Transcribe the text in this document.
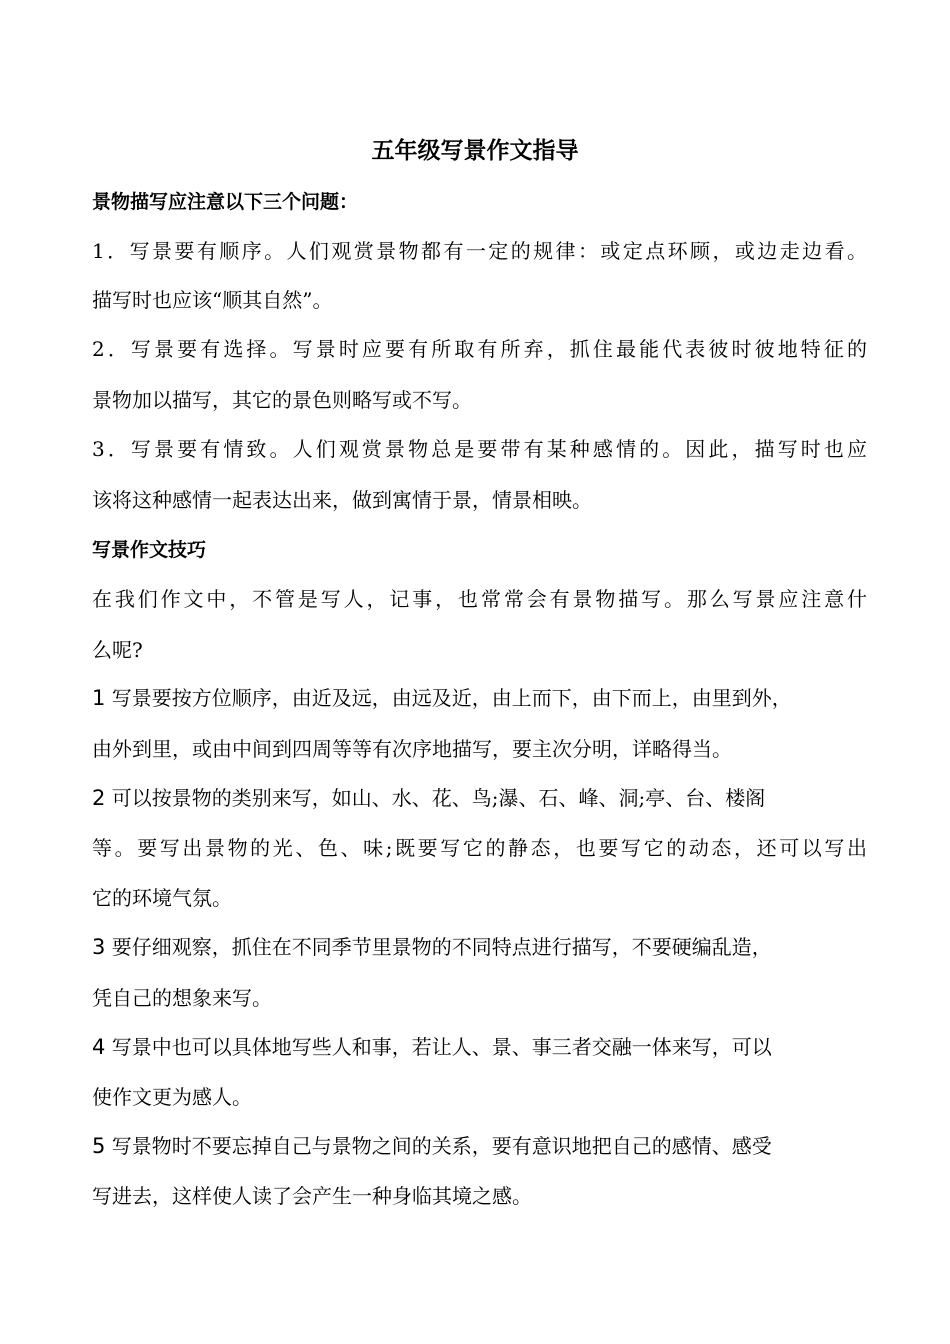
五年级写景作文指导
景物描写应注意以下三个问题：
1．写景要有顺序。人们观赏景物都有一定的规律：或定点环顾，或边走边看。
描写时也应该“顺其自然”。
2．写景要有选择。写景时应要有所取有所弃，抓住最能代表彼时彼地特征的
景物加以描写，其它的景色则略写或不写。
3．写景要有情致。人们观赏景物总是要带有某种感情的。因此，描写时也应
该将这种感情一起表达出来，做到寓情于景，情景相映。
写景作文技巧
在我们作文中，不管是写人，记事，也常常会有景物描写。那么写景应注意什
么呢?
1 写景要按方位顺序，由近及远，由远及近，由上而下，由下而上，由里到外，
由外到里，或由中间到四周等等有次序地描写，要主次分明，详略得当。
2 可以按景物的类别来写，如山、水、花、鸟;瀑、石、峰、洞;亭、台、楼阁
等。要写出景物的光、色、味;既要写它的静态，也要写它的动态，还可以写出
它的环境气氛。
3 要仔细观察，抓住在不同季节里景物的不同特点进行描写，不要硬编乱造，
凭自己的想象来写。
4 写景中也可以具体地写些人和事，若让人、景、事三者交融一体来写，可以
使作文更为感人。
5 写景物时不要忘掉自己与景物之间的关系，要有意识地把自己的感情、感受
写进去，这样使人读了会产生一种身临其境之感。
